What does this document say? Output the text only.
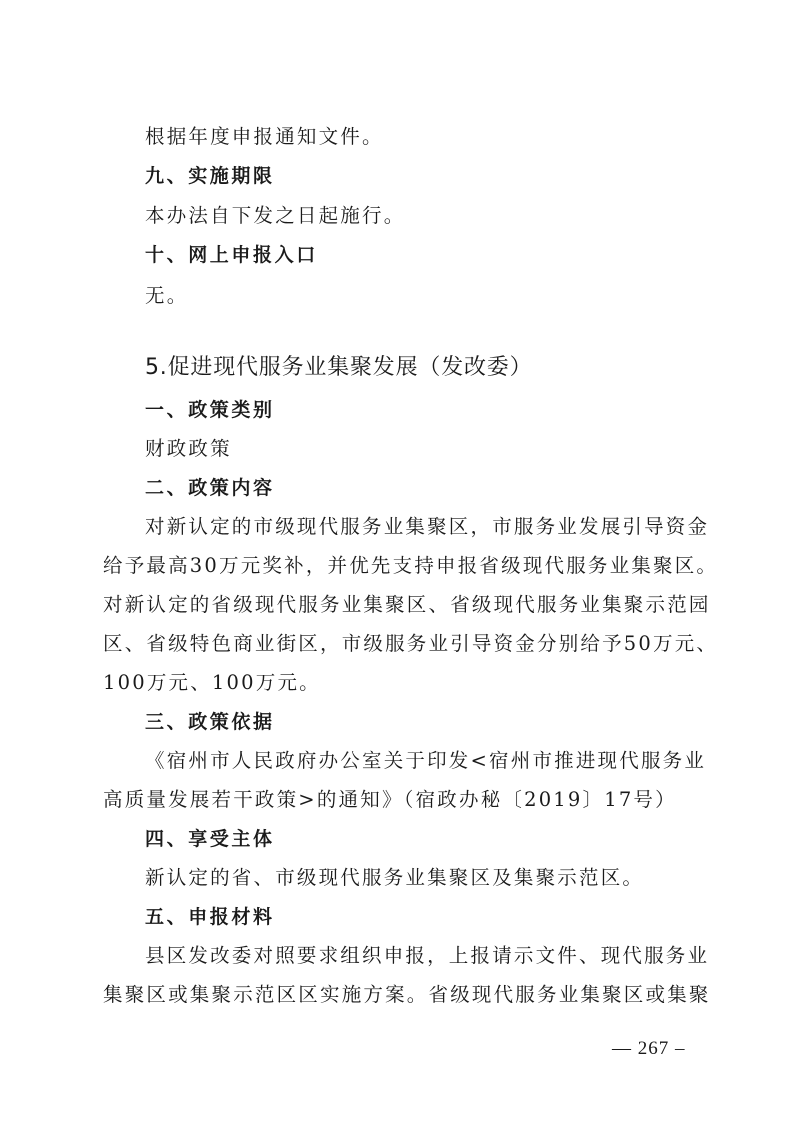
根据年度申报通知文件。
九、实施期限
本办法自下发之日起施行。
十、网上申报入口
无。
5.促进现代服务业集聚发展（发改委）
一、政策类别
财政政策
二、政策内容
对新认定的市级现代服务业集聚区，市服务业发展引导资金
给予最高30万元奖补，并优先支持申报省级现代服务业集聚区。
对新认定的省级现代服务业集聚区、省级现代服务业集聚示范园
区、省级特色商业街区，市级服务业引导资金分别给予50万元、
100万元、100万元。
三、政策依据
《宿州市人民政府办公室关于印发<宿州市推进现代服务业
高质量发展若干政策>的通知》（宿政办秘〔2019〕17号）
四、享受主体
新认定的省、市级现代服务业集聚区及集聚示范区。
五、申报材料
县区发改委对照要求组织申报，上报请示文件、现代服务业
集聚区或集聚示范区区实施方案。省级现代服务业集聚区或集聚
— 267 –
